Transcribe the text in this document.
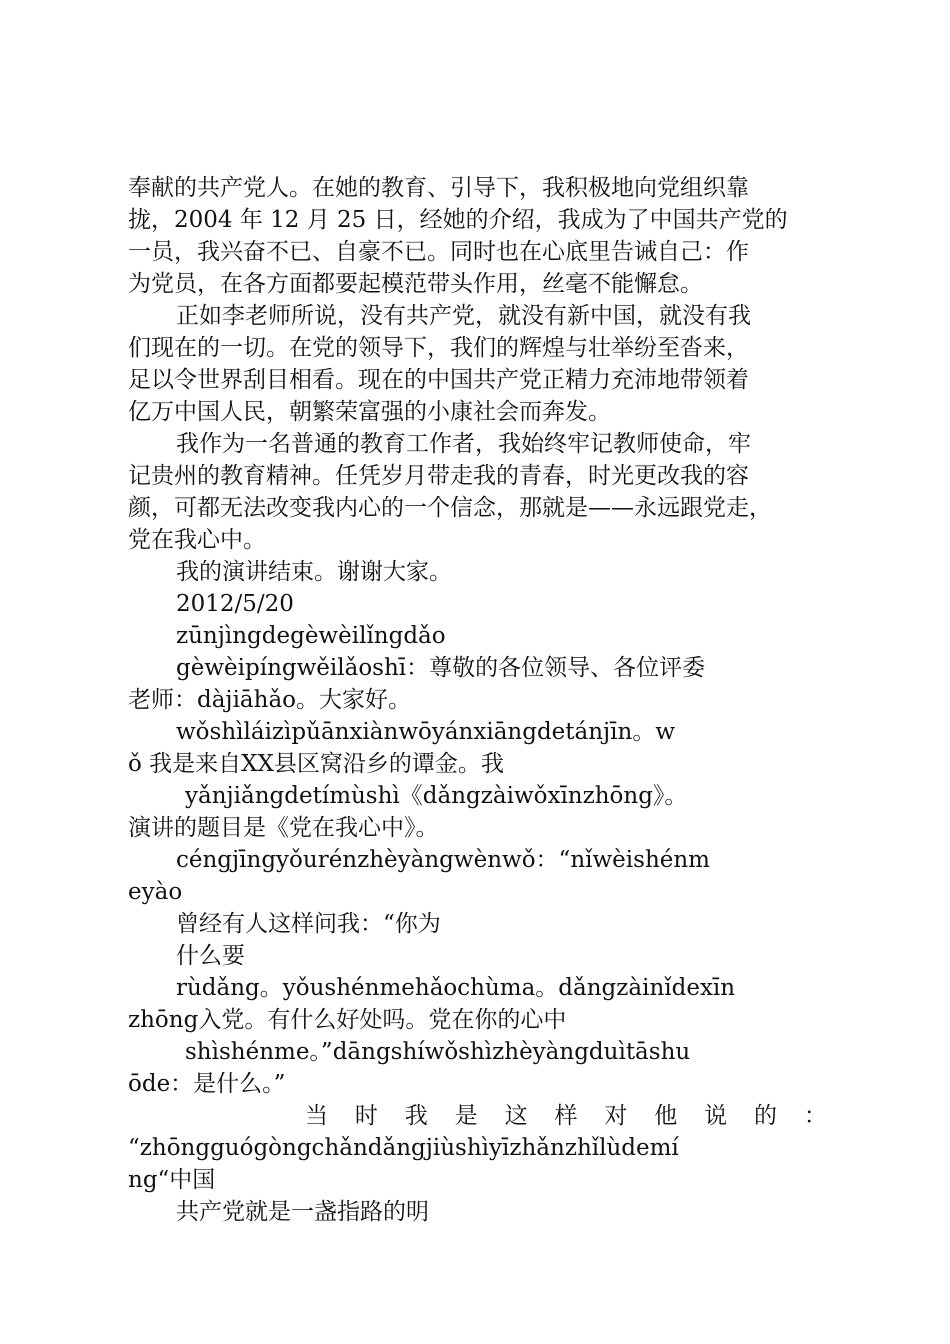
奉献的共产党人。在她的教育、引导下，我积极地向党组织靠
拢，2004 年 12 月 25 日，经她的介绍，我成为了中国共产党的
一员，我兴奋不已、自豪不已。同时也在心底里告诫自己：作
为党员，在各方面都要起模范带头作用，丝毫不能懈怠。
正如李老师所说，没有共产党，就没有新中国，就没有我
们现在的一切。在党的领导下，我们的辉煌与壮举纷至沓来，
足以令世界刮目相看。现在的中国共产党正精力充沛地带领着
亿万中国人民，朝繁荣富强的小康社会而奔发。
我作为一名普通的教育工作者，我始终牢记教师使命，牢
记贵州的教育精神。任凭岁月带走我的青春，时光更改我的容
颜，可都无法改变我内心的一个信念，那就是——永远跟党走，
党在我心中。
我的演讲结束。谢谢大家。
2012/5/20
zūnjìngdegèwèilǐngdǎo
gèwèipíngwěilǎoshī：尊敬的各位领导、各位评委
老师：dàjiāhǎo。大家好。
wǒshìláizìpǔānxiànwōyánxiāngdetánjīn。w
ǒ 我是来自XX县区窝沿乡的谭金。我
yǎnjiǎngdetímùshì《dǎngzàiwǒxīnzhōng》。
演讲的题目是《党在我心中》。
céngjīngyǒurénzhèyàngwènwǒ：“nǐwèishénm
eyào
曾经有人这样问我：“你为
什么要
rùdǎng。yǒushénmehǎochùma。dǎngzàinǐdexīn
zhōng入党。有什么好处吗。党在你的心中
shìshénme。”dāngshíwǒshìzhèyàngduìtāshu
ōde：是什么。”
当 时 我 是 这 样 对 他 说 的 ：
“zhōngguógòngchǎndǎngjiùshìyīzhǎnzhǐlùdemí
ng“中国
共产党就是一盏指路的明
